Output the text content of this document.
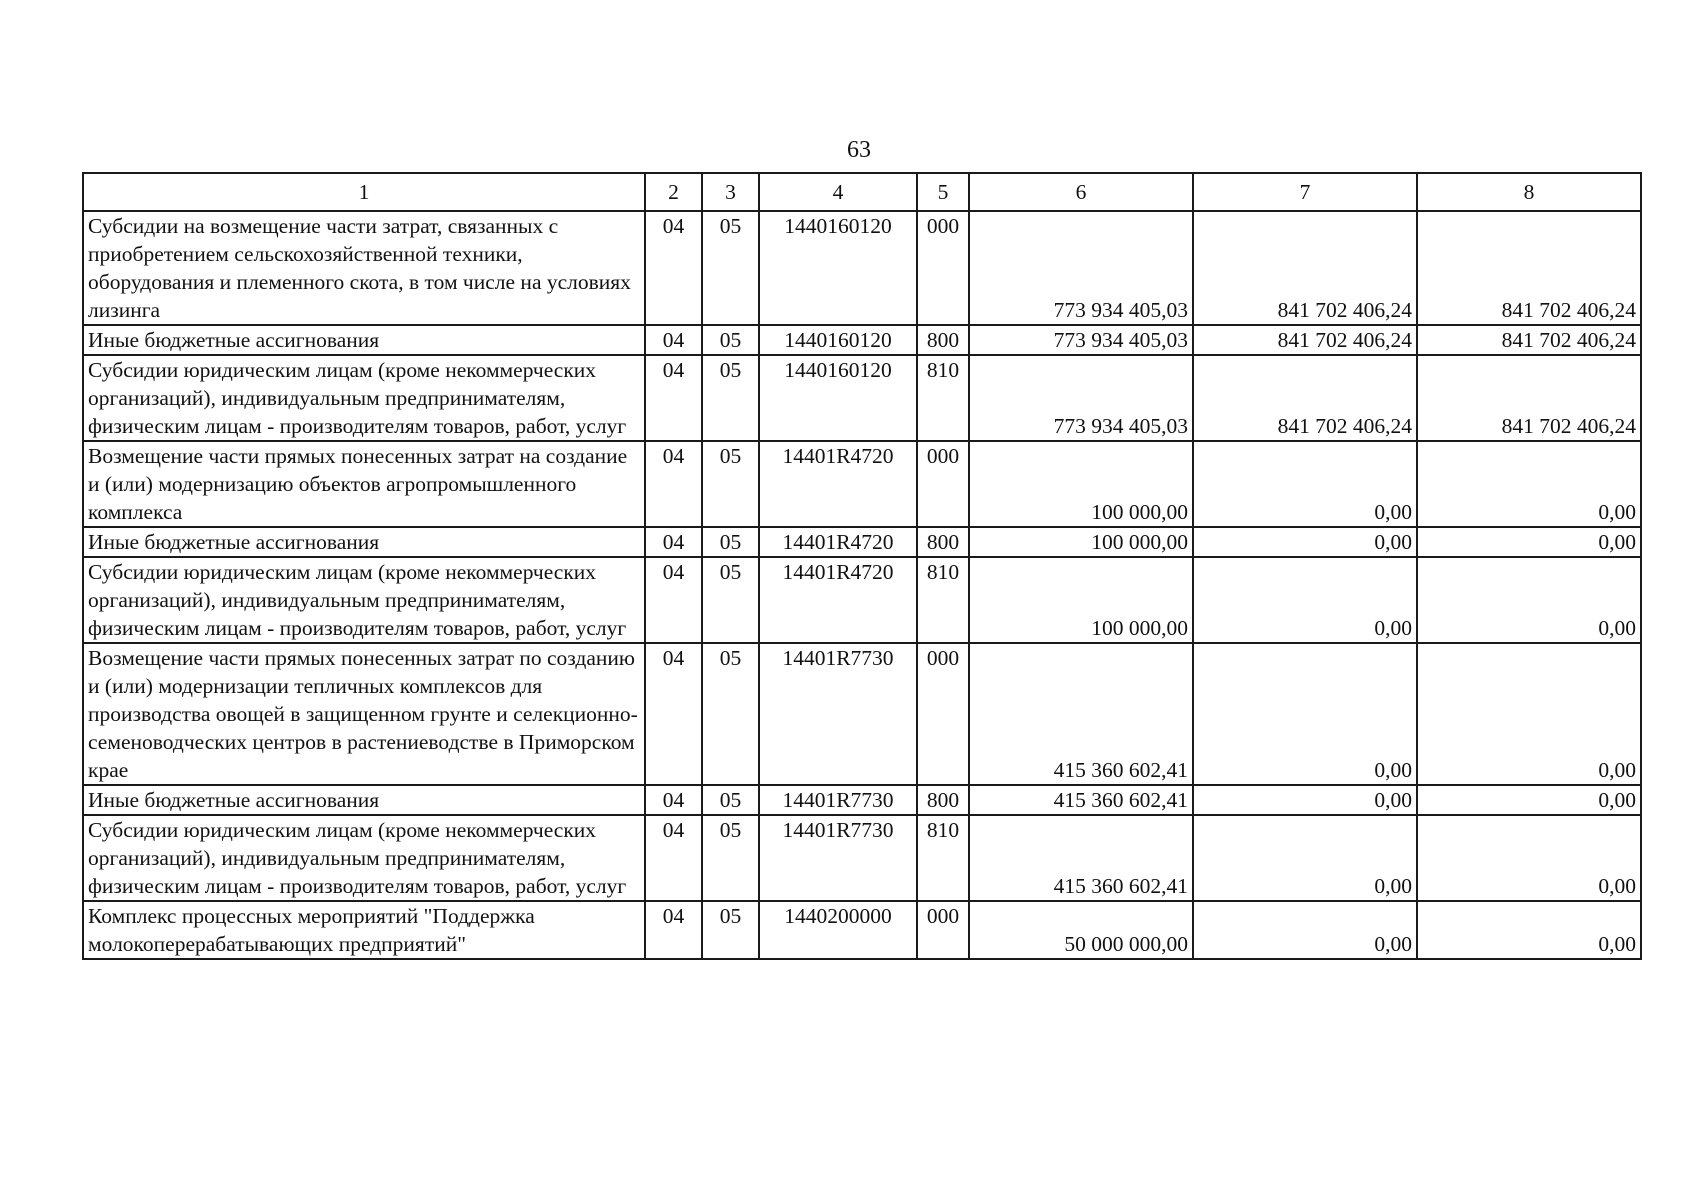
63
1	2	3	4	5	6	7	8
Субсидии на возмещение части затрат, связанных с приобретением сельскохозяйственной техники, оборудования и племенного скота, в том числе на условиях лизинга	04	05	1440160120	000	773 934 405,03	841 702 406,24	841 702 406,24
Иные бюджетные ассигнования	04	05	1440160120	800	773 934 405,03	841 702 406,24	841 702 406,24
Субсидии юридическим лицам (кроме некоммерческих организаций), индивидуальным предпринимателям, физическим лицам - производителям товаров, работ, услуг	04	05	1440160120	810	773 934 405,03	841 702 406,24	841 702 406,24
Возмещение части прямых понесенных затрат на создание и (или) модернизацию объектов агропромышленного комплекса	04	05	14401R4720	000	100 000,00	0,00	0,00
Иные бюджетные ассигнования	04	05	14401R4720	800	100 000,00	0,00	0,00
Субсидии юридическим лицам (кроме некоммерческих организаций), индивидуальным предпринимателям, физическим лицам - производителям товаров, работ, услуг	04	05	14401R4720	810	100 000,00	0,00	0,00
Возмещение части прямых понесенных затрат по созданию и (или) модернизации тепличных комплексов для производства овощей в защищенном грунте и селекционно-семеноводческих центров в растениеводстве в Приморском крае	04	05	14401R7730	000	415 360 602,41	0,00	0,00
Иные бюджетные ассигнования	04	05	14401R7730	800	415 360 602,41	0,00	0,00
Субсидии юридическим лицам (кроме некоммерческих организаций), индивидуальным предпринимателям, физическим лицам - производителям товаров, работ, услуг	04	05	14401R7730	810	415 360 602,41	0,00	0,00
Комплекс процессных мероприятий "Поддержка молокоперерабатывающих предприятий"	04	05	1440200000	000	50 000 000,00	0,00	0,00
